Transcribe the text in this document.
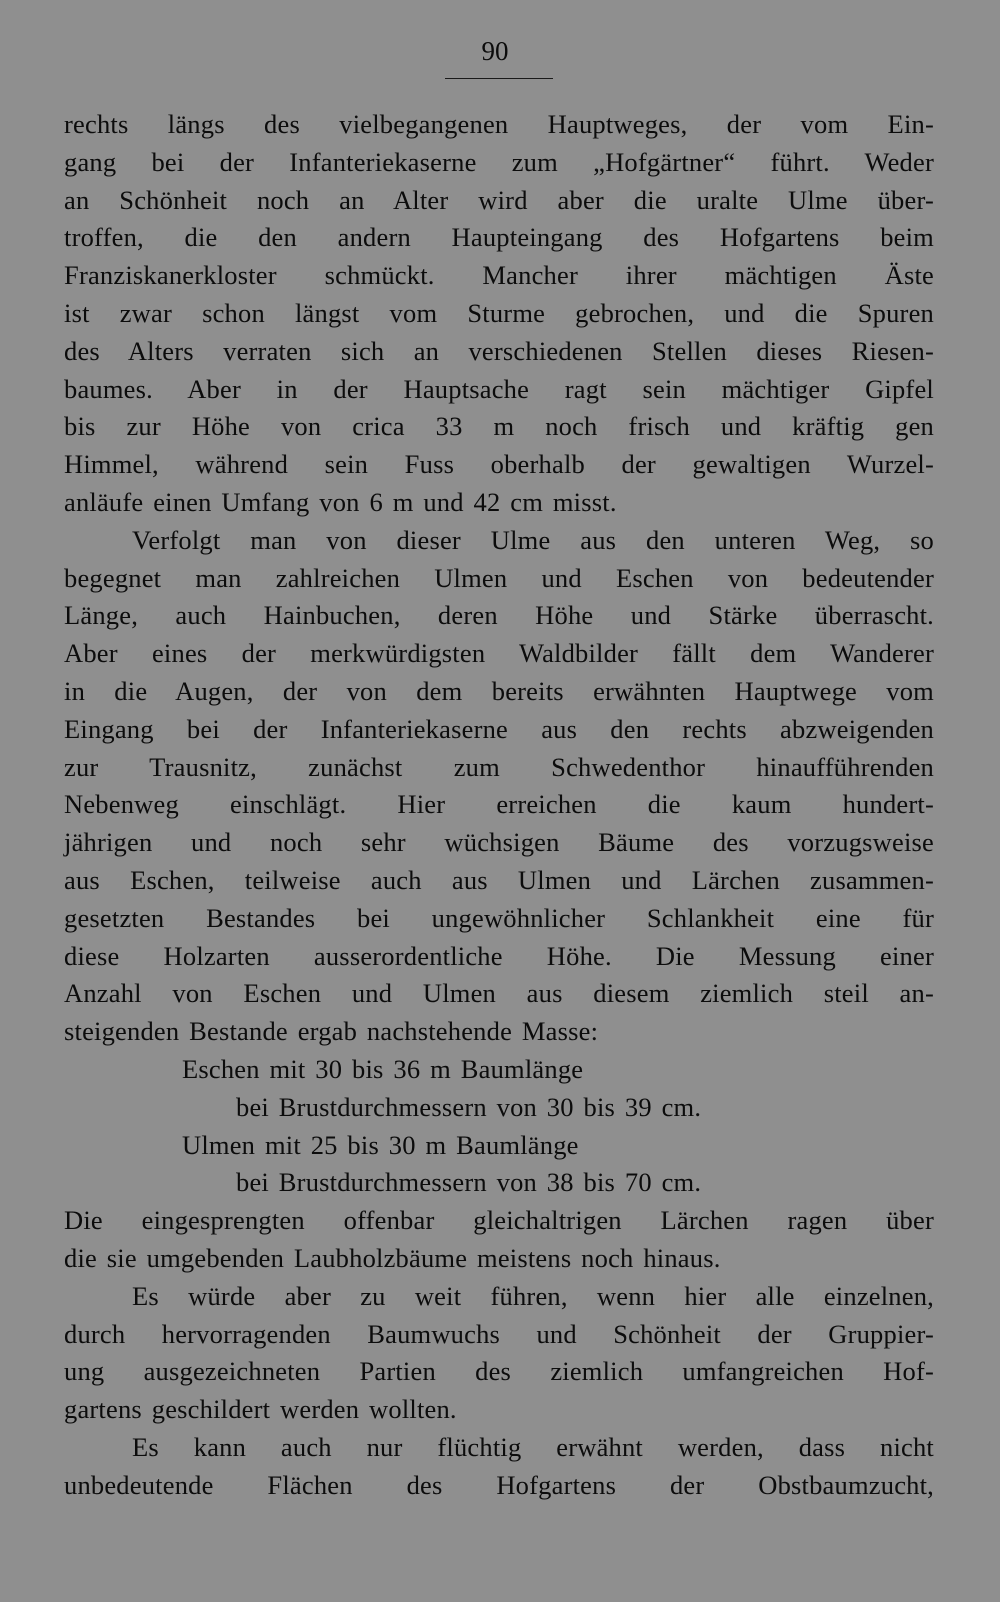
90
rechts längs des vielbegangenen Hauptweges, der vom Ein-
gang bei der Infanteriekaserne zum „Hofgärtner“ führt. Weder
an Schönheit noch an Alter wird aber die uralte Ulme über-
troffen, die den andern Haupteingang des Hofgartens beim
Franziskanerkloster schmückt. Mancher ihrer mächtigen Äste
ist zwar schon längst vom Sturme gebrochen, und die Spuren
des Alters verraten sich an verschiedenen Stellen dieses Riesen-
baumes. Aber in der Hauptsache ragt sein mächtiger Gipfel
bis zur Höhe von crica 33 m noch frisch und kräftig gen
Himmel, während sein Fuss oberhalb der gewaltigen Wurzel-
anläufe einen Umfang von 6 m und 42 cm misst.
Verfolgt man von dieser Ulme aus den unteren Weg, so
begegnet man zahlreichen Ulmen und Eschen von bedeutender
Länge, auch Hainbuchen, deren Höhe und Stärke überrascht.
Aber eines der merkwürdigsten Waldbilder fällt dem Wanderer
in die Augen, der von dem bereits erwähnten Hauptwege vom
Eingang bei der Infanteriekaserne aus den rechts abzweigenden
zur Trausnitz, zunächst zum Schwedenthor hinaufführenden
Nebenweg einschlägt. Hier erreichen die kaum hundert-
jährigen und noch sehr wüchsigen Bäume des vorzugsweise
aus Eschen, teilweise auch aus Ulmen und Lärchen zusammen-
gesetzten Bestandes bei ungewöhnlicher Schlankheit eine für
diese Holzarten ausserordentliche Höhe. Die Messung einer
Anzahl von Eschen und Ulmen aus diesem ziemlich steil an-
steigenden Bestande ergab nachstehende Masse:
Eschen mit 30 bis 36 m Baumlänge
bei Brustdurchmessern von 30 bis 39 cm.
Ulmen mit 25 bis 30 m Baumlänge
bei Brustdurchmessern von 38 bis 70 cm.
Die eingesprengten offenbar gleichaltrigen Lärchen ragen über
die sie umgebenden Laubholzbäume meistens noch hinaus.
Es würde aber zu weit führen, wenn hier alle einzelnen,
durch hervorragenden Baumwuchs und Schönheit der Gruppier-
ung ausgezeichneten Partien des ziemlich umfangreichen Hof-
gartens geschildert werden wollten.
Es kann auch nur flüchtig erwähnt werden, dass nicht
unbedeutende Flächen des Hofgartens der Obstbaumzucht,
